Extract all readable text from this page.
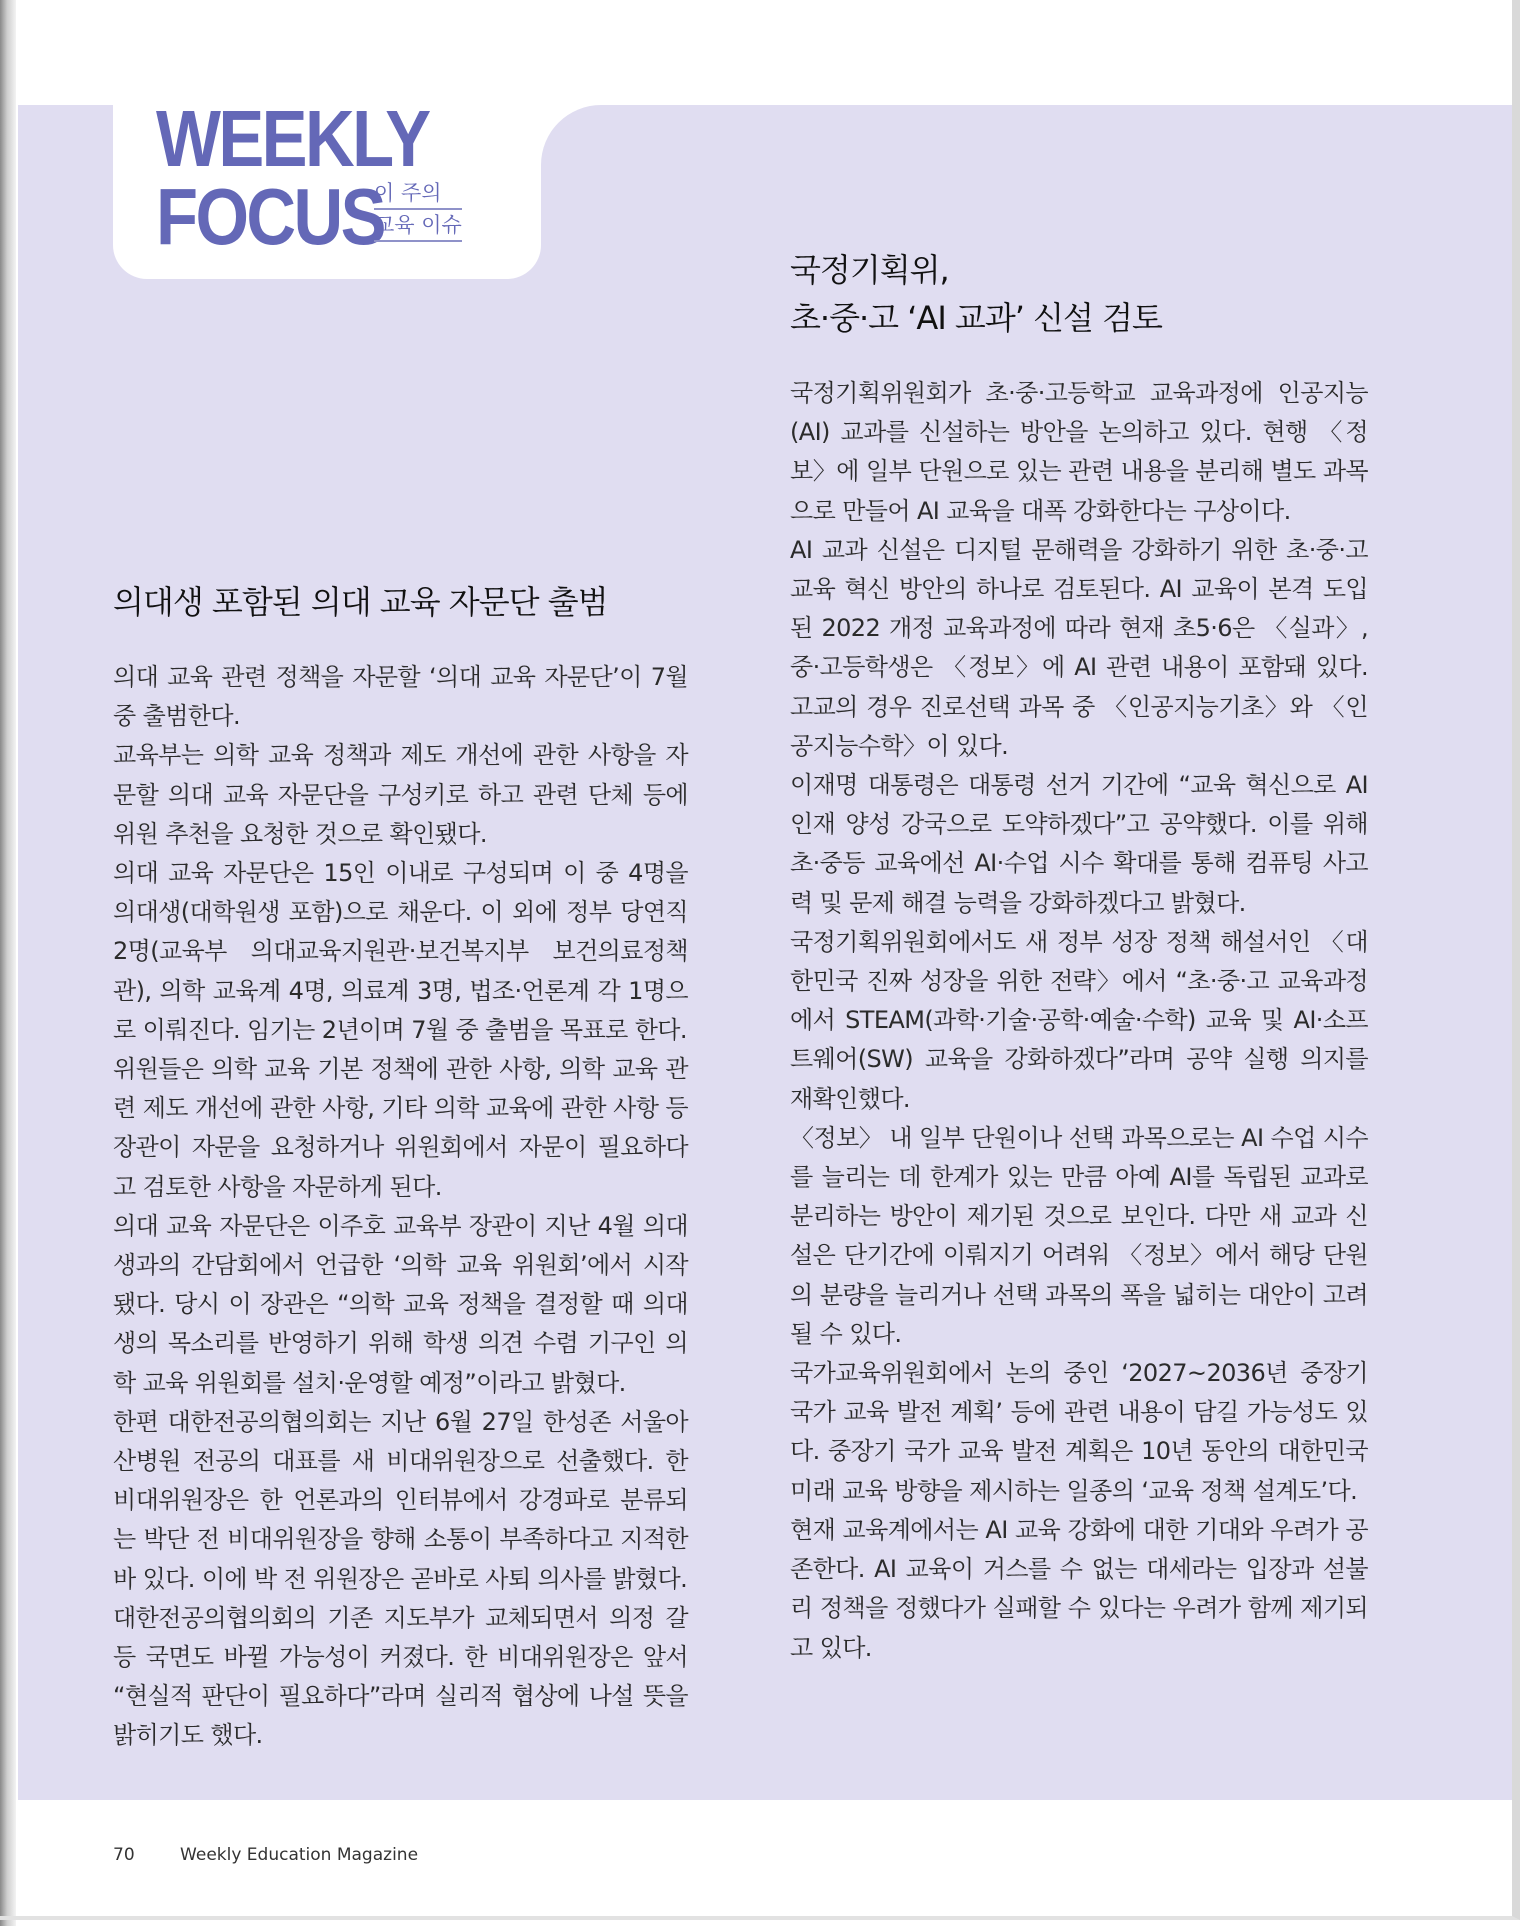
WEEKLY
FOCUS
이 주의
교육 이슈
국정기획위,
초·중·고 ‘AI 교과’ 신설 검토

국정기획위원회가 초·중·고등학교 교육과정에 인공지능(AI) 교과를 신설하는 방안을 논의하고 있다. 현행 〈정보〉에 일부 단원으로 있는 관련 내용을 분리해 별도 과목으로 만들어 AI 교육을 대폭 강화한다는 구상이다.

AI 교과 신설은 디지털 문해력을 강화하기 위한 초·중·고 교육 혁신 방안의 하나로 검토된다. AI 교육이 본격 도입된 2022 개정 교육과정에 따라 현재 초5·6은 〈실과〉, 중·고등학생은 〈정보〉에 AI 관련 내용이 포함돼 있다. 고교의 경우 진로선택 과목 중 〈인공지능기초〉와 〈인공지능수학〉이 있다.

이재명 대통령은 대통령 선거 기간에 “교육 혁신으로 AI 인재 양성 강국으로 도약하겠다”고 공약했다. 이를 위해 초·중등 교육에선 AI·수업 시수 확대를 통해 컴퓨팅 사고력 및 문제 해결 능력을 강화하겠다고 밝혔다.

국정기획위원회에서도 새 정부 성장 정책 해설서인 〈대한민국 진짜 성장을 위한 전략〉에서 “초·중·고 교육과정에서 STEAM(과학·기술·공학·예술·수학) 교육 및 AI·소프트웨어(SW) 교육을 강화하겠다”라며 공약 실행 의지를 재확인했다.

〈정보〉 내 일부 단원이나 선택 과목으로는 AI 수업 시수를 늘리는 데 한계가 있는 만큼 아예 AI를 독립된 교과로 분리하는 방안이 제기된 것으로 보인다. 다만 새 교과 신설은 단기간에 이뤄지기 어려워 〈정보〉에서 해당 단원의 분량을 늘리거나 선택 과목의 폭을 넓히는 대안이 고려될 수 있다.

국가교육위원회에서 논의 중인 ‘2027~2036년 중장기 국가 교육 발전 계획’ 등에 관련 내용이 담길 가능성도 있다. 중장기 국가 교육 발전 계획은 10년 동안의 대한민국 미래 교육 방향을 제시하는 일종의 ‘교육 정책 설계도’다.

현재 교육계에서는 AI 교육 강화에 대한 기대와 우려가 공존한다. AI 교육이 거스를 수 없는 대세라는 입장과 섣불리 정책을 정했다가 실패할 수 있다는 우려가 함께 제기되고 있다.

의대생 포함된 의대 교육 자문단 출범

의대 교육 관련 정책을 자문할 ‘의대 교육 자문단’이 7월 중 출범한다.

교육부는 의학 교육 정책과 제도 개선에 관한 사항을 자문할 의대 교육 자문단을 구성키로 하고 관련 단체 등에 위원 추천을 요청한 것으로 확인됐다.

의대 교육 자문단은 15인 이내로 구성되며 이 중 4명을 의대생(대학원생 포함)으로 채운다. 이 외에 정부 당연직 2명(교육부 의대교육지원관·보건복지부 보건의료정책관), 의학 교육계 4명, 의료계 3명, 법조·언론계 각 1명으로 이뤄진다. 임기는 2년이며 7월 중 출범을 목표로 한다.

위원들은 의학 교육 기본 정책에 관한 사항, 의학 교육 관련 제도 개선에 관한 사항, 기타 의학 교육에 관한 사항 등 장관이 자문을 요청하거나 위원회에서 자문이 필요하다고 검토한 사항을 자문하게 된다.

의대 교육 자문단은 이주호 교육부 장관이 지난 4월 의대생과의 간담회에서 언급한 ‘의학 교육 위원회’에서 시작됐다. 당시 이 장관은 “의학 교육 정책을 결정할 때 의대생의 목소리를 반영하기 위해 학생 의견 수렴 기구인 의학 교육 위원회를 설치·운영할 예정”이라고 밝혔다.

한편 대한전공의협의회는 지난 6월 27일 한성존 서울아산병원 전공의 대표를 새 비대위원장으로 선출했다. 한 비대위원장은 한 언론과의 인터뷰에서 강경파로 분류되는 박단 전 비대위원장을 향해 소통이 부족하다고 지적한 바 있다. 이에 박 전 위원장은 곧바로 사퇴 의사를 밝혔다.

대한전공의협의회의 기존 지도부가 교체되면서 의정 갈등 국면도 바뀔 가능성이 커졌다. 한 비대위원장은 앞서 “현실적 판단이 필요하다”라며 실리적 협상에 나설 뜻을 밝히기도 했다.

70	Weekly Education Magazine
